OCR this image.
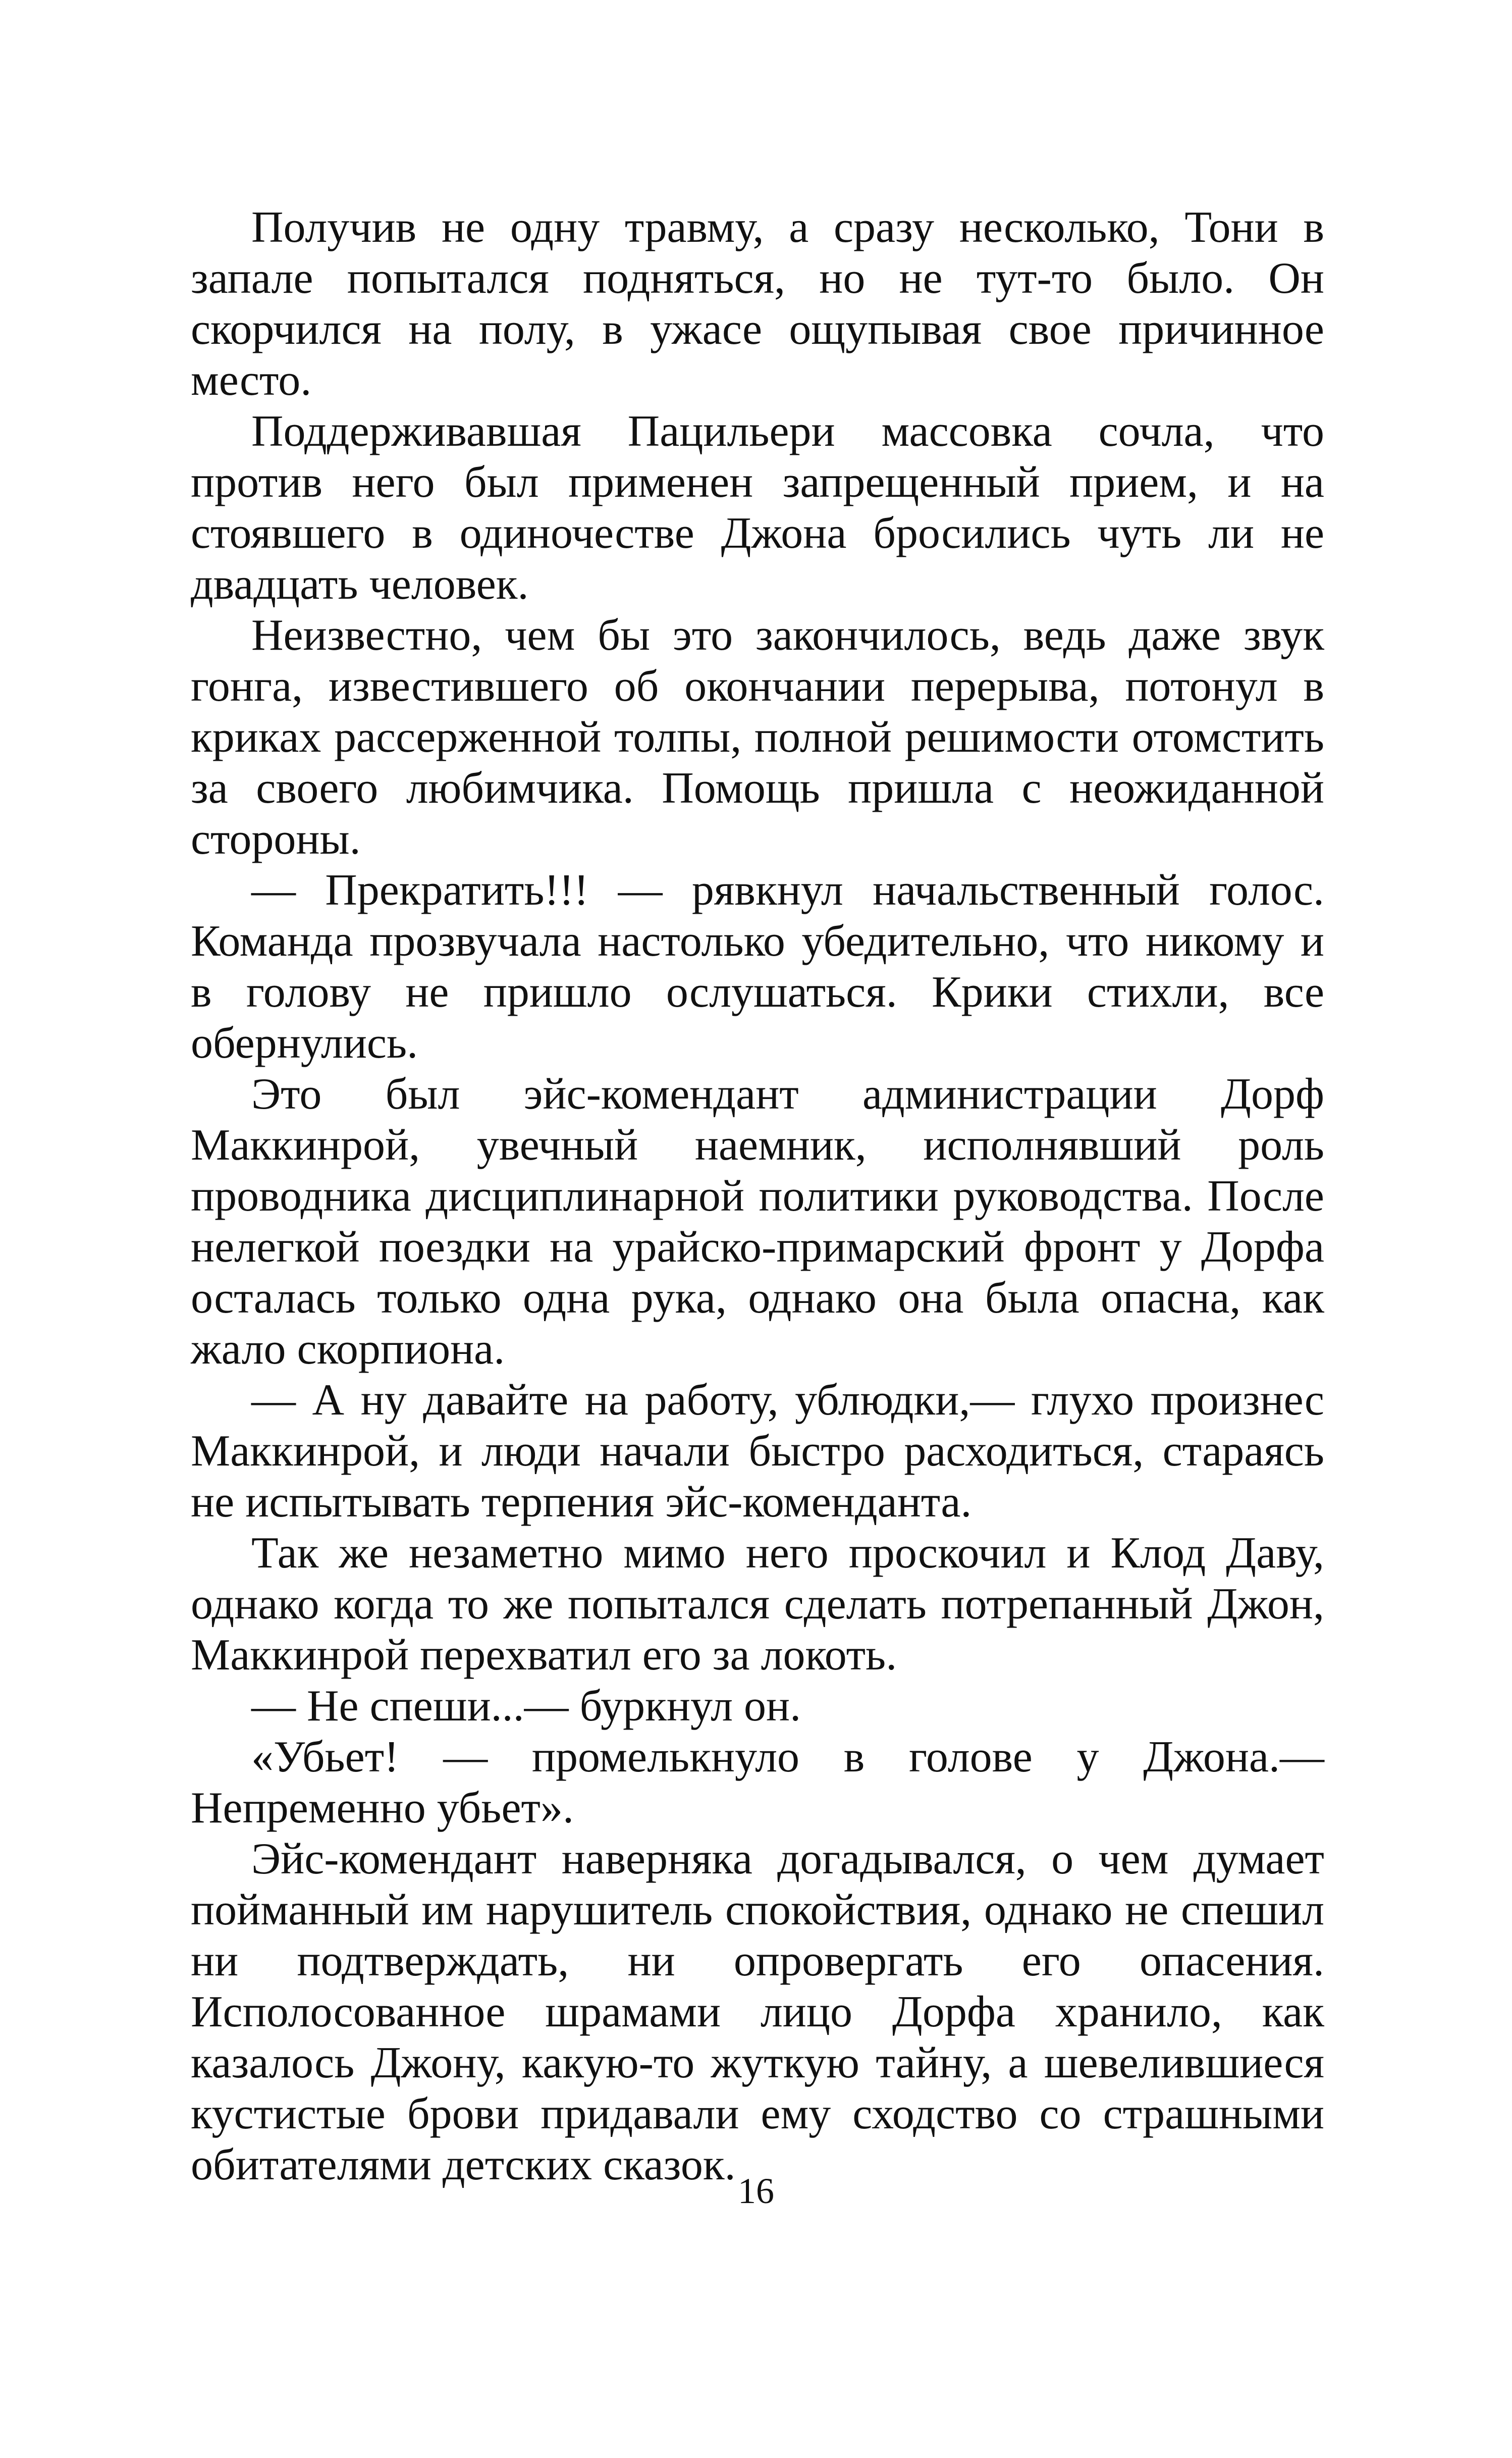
Получив не одну травму, а сразу несколько, Тони в запале попытался подняться, но не тут-то было. Он скорчился на полу, в ужасе ощупывая свое причинное место.

Поддерживавшая Пацильери массовка сочла, что против него был применен запрещенный прием, и на стоявшего в одиночестве Джона бросились чуть ли не двадцать человек.

Неизвестно, чем бы это закончилось, ведь даже звук гонга, известившего об окончании перерыва, потонул в криках рассерженной толпы, полной решимости отомстить за своего любимчика. Помощь пришла с неожиданной стороны.

— Прекратить!!! — рявкнул начальственный голос. Команда прозвучала настолько убедительно, что никому и в голову не пришло ослушаться. Крики стихли, все обернулись.

Это был эйс-комендант администрации Дорф Маккинрой, увечный наемник, исполнявший роль проводника дисциплинарной политики руководства. После нелегкой поездки на урайско-примарский фронт у Дорфа осталась только одна рука, однако она была опасна, как жало скорпиона.

— А ну давайте на работу, ублюдки,— глухо произнес Маккинрой, и люди начали быстро расходиться, стараясь не испытывать терпения эйс-коменданта.

Так же незаметно мимо него проскочил и Клод Даву, однако когда то же попытался сделать потрепанный Джон, Маккинрой перехватил его за локоть.

— Не спеши...— буркнул он.

«Убьет! — промелькнуло в голове у Джона.— Непременно убьет».

Эйс-комендант наверняка догадывался, о чем думает пойманный им нарушитель спокойствия, однако не спешил ни подтверждать, ни опровергать его опасения. Исполосованное шрамами лицо Дорфа хранило, как казалось Джону, какую-то жуткую тайну, а шевелившиеся кустистые брови придавали ему сходство со страшными обитателями детских сказок.

16
